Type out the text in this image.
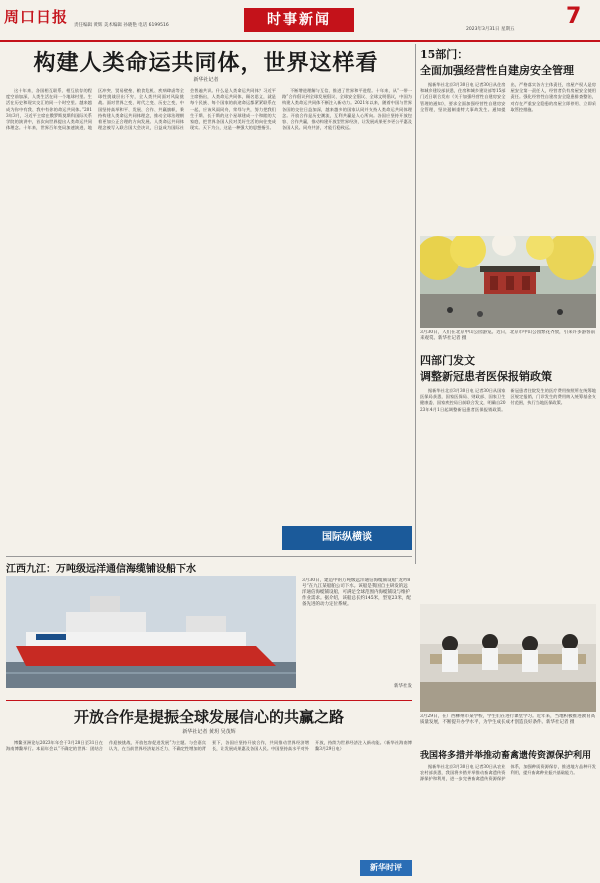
周口日报 责任编辑 黄辉 美术编辑 孙晓艳 电话 6199516	时事新闻
2023年3月31日 星期五
7
构建人类命运共同体，世界这样看
新华社记者
这十年来，各国相互联系、相互依存的程度空前加深，人类生活在同一个地球村里。生活在历史和现实交汇的同一个时空里。越来越成为你中有我、我中有你的命运共同体。”2013年3月，习近平主席在俄罗斯莫斯科国际关系学院的演讲中，首次向世界提出人类命运共同体理念。十年来，世界百年变局加速演进，地区冲突、贸易壁垒、粮食危机、疾病肆虐等全球性挑战层出不穷，全人类共同面对风险挑战。面对世界之变、时代之变、历史之变，中国坚持高举和平、发展、合作、共赢旗帜，秉持构建人类命运共同体理念，推动全球治理朝着更加公正合理的方向发展。人类命运共同体理念被写入联合国大会决议，日益成为国际社会普遍共识。什么是人类命运共同体？习近平主席指出，人类命运共同体，顾名思义，就是每个民族、每个国家的前途命运都紧紧联系在一起，应该风雨同舟，荣辱与共，努力把我们生于斯、长于斯的这个星球建成一个和睦的大家庭，把世界各国人民对美好生活的向往变成现实。天下为公，这是一种强大的思想指引。
不断增进理解与互信，推进了世界和平进程。十年来，从“一带一路”合作倡议到全球发展倡议、全球安全倡议、全球文明倡议，中国为构建人类命运共同体不断注入新动力。2021年以来，随着中国与世界各国的交往日益加深，越来越多的国家认同并支持人类命运共同体理念。开放合作是历史潮流，互利共赢是人心所向。各国应坚持开放包容、合作共赢，推动构建开放型世界经济，让发展成果更多更公平惠及各国人民。同舟共济，才能行稳致远。
15部门：
全面加强经营性自建房安全管理
据新华社北京3月30日电 记者30日从住房和城乡建设部获悉，住房和城乡建设部等15部门近日联合发布《关于加强经营性自建房安全管理的通知》，要求全面加强经营性自建房安全管理，坚决遏制重特大事故发生。通知提出，严格落实各方主体责任，房屋产权人是房屋安全第一责任人，经营者负有房屋安全使用责任。强化经营性自建房安全隐患排查整治，对存在严重安全隐患的房屋立即停用、立即采取管控措施。
3月30日，人们在北京中山公园游览。近日，北京市中山公园繁花齐放，引来许多游客前来观赏。新华社记者 摄
四部门发文
调整新冠患者医保报销政策
据新华社北京3月30日电 记者30日从国家医保局获悉，国家医保局、财政部、国家卫生健康委、国家疾控局日前联合发文，明确自2023年4月1日起调整新冠患者医保报销政策。新冠患者住院发生的医疗费用按照所在统筹地区规定报销，门诊发生的费用纳入统筹基金支付范围，执行当地医保政策。
3月29日，在广西柳州市某学校，学生们在进行课堂学习。近年来，当地积极推进教育高质量发展，不断提升办学水平，为学生成长成才创造良好条件。新华社记者 摄
我国将多措并举推动畜禽遗传资源保护利用
据新华社北京3月30日电 记者30日从农业农村部获悉，我国将多措并举推动畜禽遗传资源保护和利用，进一步完善畜禽遗传资源保护体系，加强种质资源保存，推进地方品种开发利用，提升畜禽种业振兴基础能力。
国际纵横谈
江西九江：万吨级远洋通信海缆铺设船下水
3月30日，建造中的万吨级远洋通信海缆铺设船“龙吟8号”在九江某船舶公司下水。该船是我国自主研发的远洋通信海缆铺设船，可满足全球范围内海缆铺设与维护作业需求。据介绍，该船总长约145米，型宽23米，配备先进的动力定位系统。
新华社发
开放合作是提振全球发展信心的共赢之路
新华社记者 黄玥 吴茂辉
博鳌亚洲论坛2023年年会于3月28日至31日在海南博鳌举行。本届年会以“不确定的世界：团结合作迎接挑战，开放包容促进发展”为主题。与会嘉宾认为，在当前世界经济复苏乏力、不确定性增加的背景下，各国应坚持开放合作，共同推动世界经济增长，让发展成果惠及各国人民。中国坚持高水平对外开放，持续为世界经济注入新动能。（新华社海南博鳌3月29日电）
新华时评
